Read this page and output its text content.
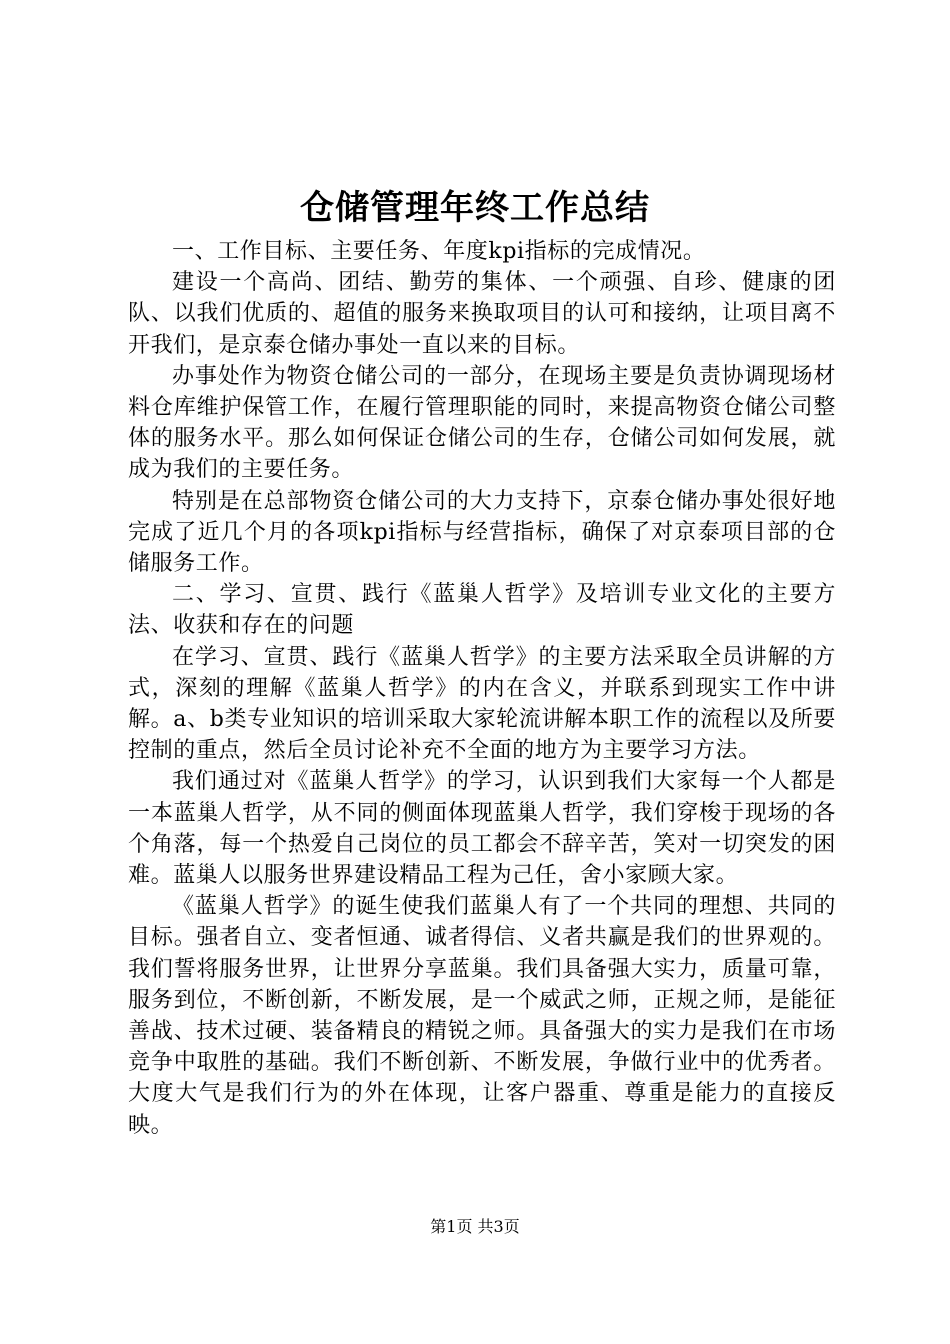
仓储管理年终工作总结

一、工作目标、主要任务、年度kpi指标的完成情况。

建设一个高尚、团结、勤劳的集体、一个顽强、自珍、健康的团队、以我们优质的、超值的服务来换取项目的认可和接纳，让项目离不开我们，是京泰仓储办事处一直以来的目标。

办事处作为物资仓储公司的一部分，在现场主要是负责协调现场材料仓库维护保管工作，在履行管理职能的同时，来提高物资仓储公司整体的服务水平。那么如何保证仓储公司的生存，仓储公司如何发展，就成为我们的主要任务。

特别是在总部物资仓储公司的大力支持下，京泰仓储办事处很好地完成了近几个月的各项kpi指标与经营指标，确保了对京泰项目部的仓储服务工作。

二、学习、宣贯、践行《蓝巢人哲学》及培训专业文化的主要方法、收获和存在的问题

在学习、宣贯、践行《蓝巢人哲学》的主要方法采取全员讲解的方式，深刻的理解《蓝巢人哲学》的内在含义，并联系到现实工作中讲解。a、b类专业知识的培训采取大家轮流讲解本职工作的流程以及所要控制的重点，然后全员讨论补充不全面的地方为主要学习方法。

我们通过对《蓝巢人哲学》的学习，认识到我们大家每一个人都是一本蓝巢人哲学，从不同的侧面体现蓝巢人哲学，我们穿梭于现场的各个角落，每一个热爱自己岗位的员工都会不辞辛苦，笑对一切突发的困难。蓝巢人以服务世界建设精品工程为己任，舍小家顾大家。

《蓝巢人哲学》的诞生使我们蓝巢人有了一个共同的理想、共同的目标。强者自立、变者恒通、诚者得信、义者共赢是我们的世界观的。我们誓将服务世界，让世界分享蓝巢。我们具备强大实力，质量可靠，服务到位，不断创新，不断发展，是一个威武之师，正规之师，是能征善战、技术过硬、装备精良的精锐之师。具备强大的实力是我们在市场竞争中取胜的基础。我们不断创新、不断发展，争做行业中的优秀者。大度大气是我们行为的外在体现，让客户器重、尊重是能力的直接反映。

第1页 共3页
